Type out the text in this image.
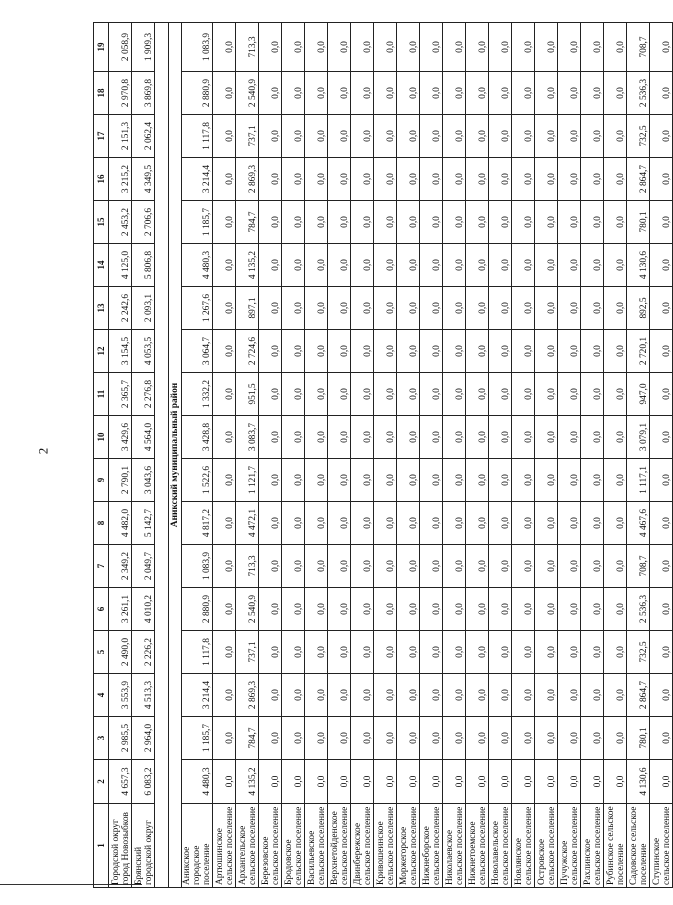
2
1	2	3	4	5	6	7	8	9	10	11	12	13	14	15	16	17	18	19
Городской округ город Новозыбков	4 657,3	2 985,5	3 553,9	2 490,0	3 261,1	2 349,2	4 482,0	2 790,1	3 429,6	2 365,7	3 154,5	2 242,6	4 125,0	2 453,2	3 215,2	2 151,3	2 970,8	2 058,9
Брянский городской округ	6 083,2	2 964,0	4 513,3	2 226,2	4 010,2	2 049,7	5 142,7	3 043,6	4 564,0	2 276,8	4 053,5	2 093,1	5 806,8	2 706,6	4 349,5	2 062,4	3 869,8	1 909,3

Аникский муниципальный район																		
Аникское городское поселение	4 480,3	1 185,7	3 214,4	1 117,8	2 880,9	1 083,9	4 817,2	1 522,6	3 428,8	1 332,2	3 064,7	1 267,6	4 480,3	1 185,7	3 214,4	1 117,8	2 880,9	1 083,9
Артюшинское сельское поселение	0,0	0,0	0,0	0,0	0,0	0,0	0,0	0,0	0,0	0,0	0,0	0,0	0,0	0,0	0,0	0,0	0,0	0,0
Архангельское сельское поселение	4 135,2	784,7	2 869,3	737,1	2 540,9	713,3	4 472,1	1 121,7	3 083,7	951,5	2 724,6	897,1	4 135,2	784,7	2 869,3	737,1	2 540,9	713,3
Березовское сельское поселение	0,0	0,0	0,0	0,0	0,0	0,0	0,0	0,0	0,0	0,0	0,0	0,0	0,0	0,0	0,0	0,0	0,0	0,0
Бродовское сельское поселение	0,0	0,0	0,0	0,0	0,0	0,0	0,0	0,0	0,0	0,0	0,0	0,0	0,0	0,0	0,0	0,0	0,0	0,0
Васильевское сельское поселение	0,0	0,0	0,0	0,0	0,0	0,0	0,0	0,0	0,0	0,0	0,0	0,0	0,0	0,0	0,0	0,0	0,0	0,0
Верхнетойденское сельское поселение	0,0	0,0	0,0	0,0	0,0	0,0	0,0	0,0	0,0	0,0	0,0	0,0	0,0	0,0	0,0	0,0	0,0	0,0
Двинбережское сельское поселение	0,0	0,0	0,0	0,0	0,0	0,0	0,0	0,0	0,0	0,0	0,0	0,0	0,0	0,0	0,0	0,0	0,0	0,0
Кривошеинское сельское поселение	0,0	0,0	0,0	0,0	0,0	0,0	0,0	0,0	0,0	0,0	0,0	0,0	0,0	0,0	0,0	0,0	0,0	0,0
Моржегорское сельское поселение	0,0	0,0	0,0	0,0	0,0	0,0	0,0	0,0	0,0	0,0	0,0	0,0	0,0	0,0	0,0	0,0	0,0	0,0
Нижнеборское сельское поселение	0,0	0,0	0,0	0,0	0,0	0,0	0,0	0,0	0,0	0,0	0,0	0,0	0,0	0,0	0,0	0,0	0,0	0,0
Николаевское сельское поселение	0,0	0,0	0,0	0,0	0,0	0,0	0,0	0,0	0,0	0,0	0,0	0,0	0,0	0,0	0,0	0,0	0,0	0,0
Нижнетоемское сельское поселение	0,0	0,0	0,0	0,0	0,0	0,0	0,0	0,0	0,0	0,0	0,0	0,0	0,0	0,0	0,0	0,0	0,0	0,0
Новолавельское сельское поселение	0,0	0,0	0,0	0,0	0,0	0,0	0,0	0,0	0,0	0,0	0,0	0,0	0,0	0,0	0,0	0,0	0,0	0,0
Новлянское сельское поселение	0,0	0,0	0,0	0,0	0,0	0,0	0,0	0,0	0,0	0,0	0,0	0,0	0,0	0,0	0,0	0,0	0,0	0,0
Островское сельское поселение	0,0	0,0	0,0	0,0	0,0	0,0	0,0	0,0	0,0	0,0	0,0	0,0	0,0	0,0	0,0	0,0	0,0	0,0
Пучужское сельское поселение	0,0	0,0	0,0	0,0	0,0	0,0	0,0	0,0	0,0	0,0	0,0	0,0	0,0	0,0	0,0	0,0	0,0	0,0
Рахлинское сельское поселение	0,0	0,0	0,0	0,0	0,0	0,0	0,0	0,0	0,0	0,0	0,0	0,0	0,0	0,0	0,0	0,0	0,0	0,0
Рубинское сельское поселение	0,0	0,0	0,0	0,0	0,0	0,0	0,0	0,0	0,0	0,0	0,0	0,0	0,0	0,0	0,0	0,0	0,0	0,0
Садовское сельское поселение	4 130,6	780,1	2 864,7	732,5	2 536,3	708,7	4 467,6	1 117,1	3 079,1	947,0	2 720,1	892,5	4 130,6	780,1	2 864,7	732,5	2 536,3	708,7
Ступинское сельское поселение	0,0	0,0	0,0	0,0	0,0	0,0	0,0	0,0	0,0	0,0	0,0	0,0	0,0	0,0	0,0	0,0	0,0	0,0
